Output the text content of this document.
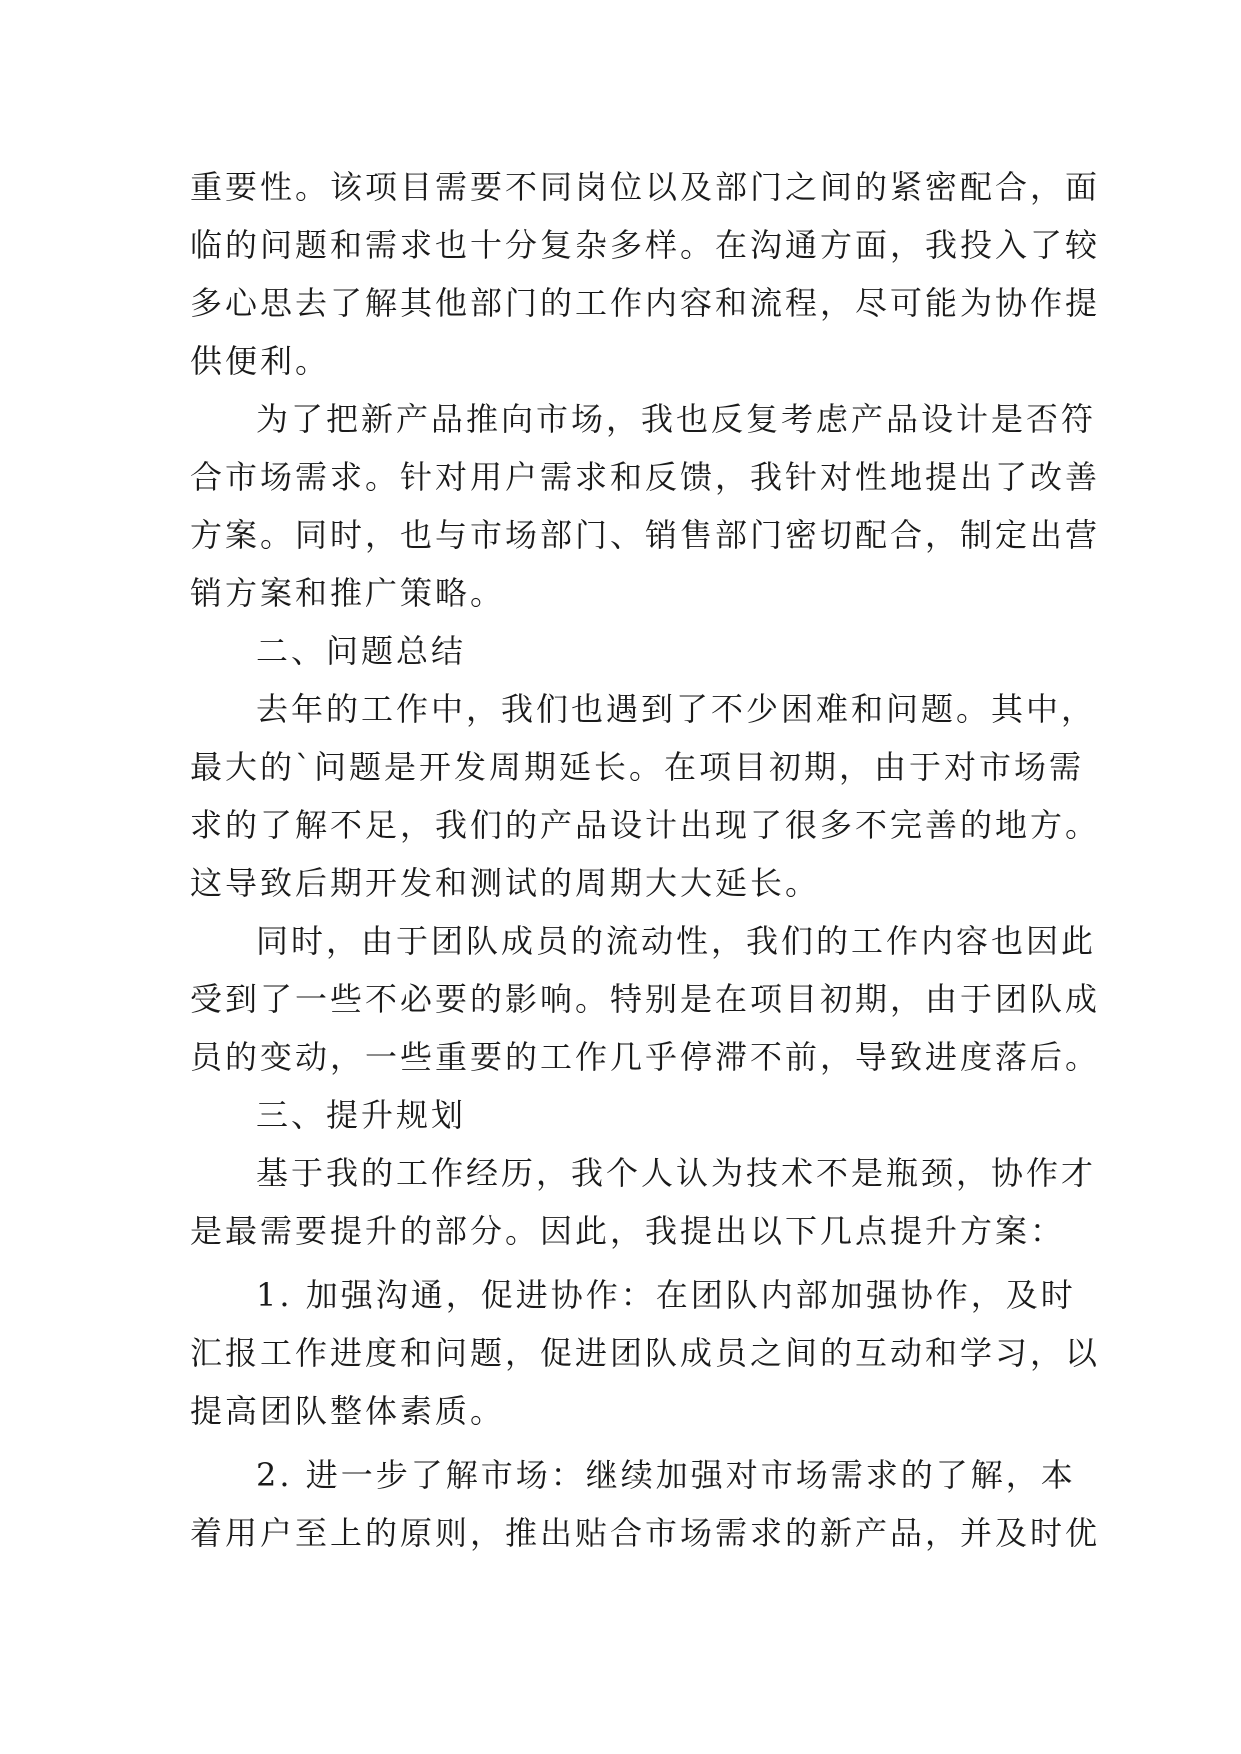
重要性。该项目需要不同岗位以及部门之间的紧密配合，面
临的问题和需求也十分复杂多样。在沟通方面，我投入了较
多心思去了解其他部门的工作内容和流程，尽可能为协作提
供便利。
为了把新产品推向市场，我也反复考虑产品设计是否符
合市场需求。针对用户需求和反馈，我针对性地提出了改善
方案。同时，也与市场部门、销售部门密切配合，制定出营
销方案和推广策略。
二、问题总结
去年的工作中，我们也遇到了不少困难和问题。其中，
最大的`问题是开发周期延长。在项目初期，由于对市场需
求的了解不足，我们的产品设计出现了很多不完善的地方。
这导致后期开发和测试的周期大大延长。
同时，由于团队成员的流动性，我们的工作内容也因此
受到了一些不必要的影响。特别是在项目初期，由于团队成
员的变动，一些重要的工作几乎停滞不前，导致进度落后。
三、提升规划
基于我的工作经历，我个人认为技术不是瓶颈，协作才
是最需要提升的部分。因此，我提出以下几点提升方案：
1. 加强沟通，促进协作：在团队内部加强协作，及时
汇报工作进度和问题，促进团队成员之间的互动和学习，以
提高团队整体素质。
2. 进一步了解市场：继续加强对市场需求的了解，本
着用户至上的原则，推出贴合市场需求的新产品，并及时优
